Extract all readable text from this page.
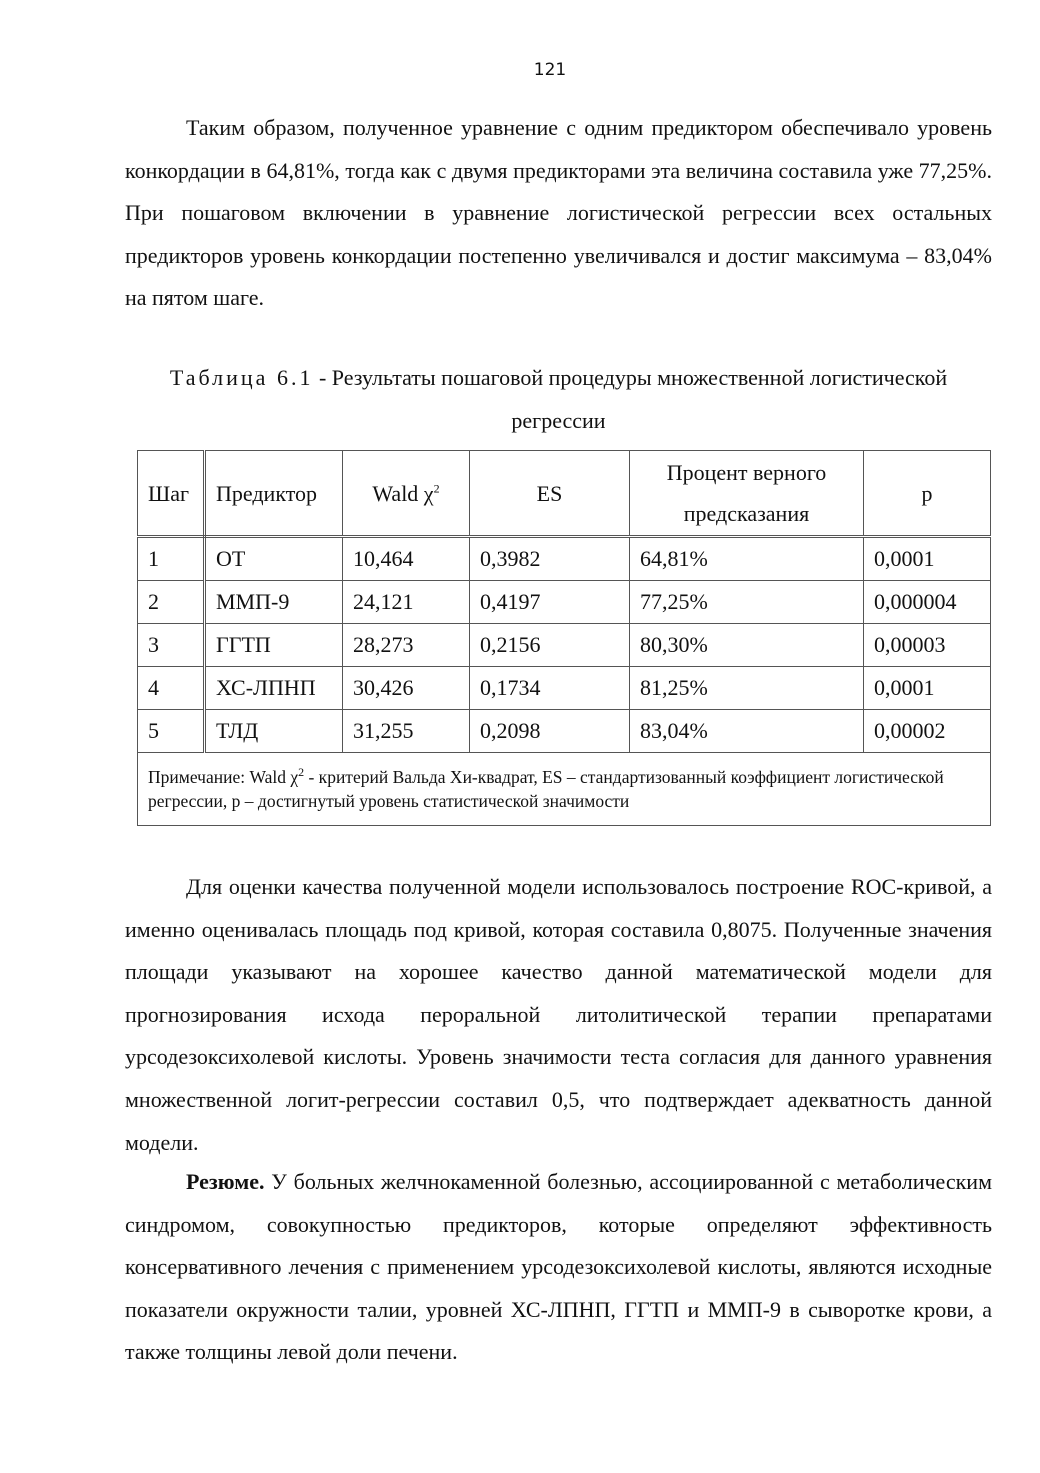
121

Таким образом, полученное уравнение с одним предиктором обеспечивало уровень конкордации в 64,81%, тогда как с двумя предикторами эта величина составила уже 77,25%. При пошаговом включении в уравнение логистической регрессии всех остальных предикторов уровень конкордации постепенно увеличивался и достиг максимума – 83,04% на пятом шаге.

Таблица 6.1 - Результаты пошаговой процедуры множественной логистической регрессии

Шаг	Предиктор	Wald $\chi^2$	ES	Процент верного предсказания	р
1	ОТ	10,464	0,3982	64,81%	0,0001
2	ММП-9	24,121	0,4197	77,25%	0,000004
3	ГГТП	28,273	0,2156	80,30%	0,00003
4	ХС-ЛПНП	30,426	0,1734	81,25%	0,0001
5	ТЛД	31,255	0,2098	83,04%	0,00002
Примечание: Wald $\chi^2$ - критерий Вальда Хи-квадрат, ES – стандартизованный коэффициент логистической регрессии, р – достигнутый уровень статистической значимости					

Для оценки качества полученной модели использовалось построение ROC-кривой, а именно оценивалась площадь под кривой, которая составила 0,8075. Полученные значения площади указывают на хорошее качество данной математической модели для прогнозирования исхода пероральной литолитической терапии препаратами урсодезоксихолевой кислоты. Уровень значимости теста согласия для данного уравнения множественной логит-регрессии составил 0,5, что подтверждает адекватность данной модели.

Резюме. У больных желчнокаменной болезнью, ассоциированной с метаболическим синдромом, совокупностью предикторов, которые определяют эффективность консервативного лечения с применением урсодезоксихолевой кислоты, являются исходные показатели окружности талии, уровней ХС-ЛПНП, ГГТП и ММП-9 в сыворотке крови, а также толщины левой доли печени.
